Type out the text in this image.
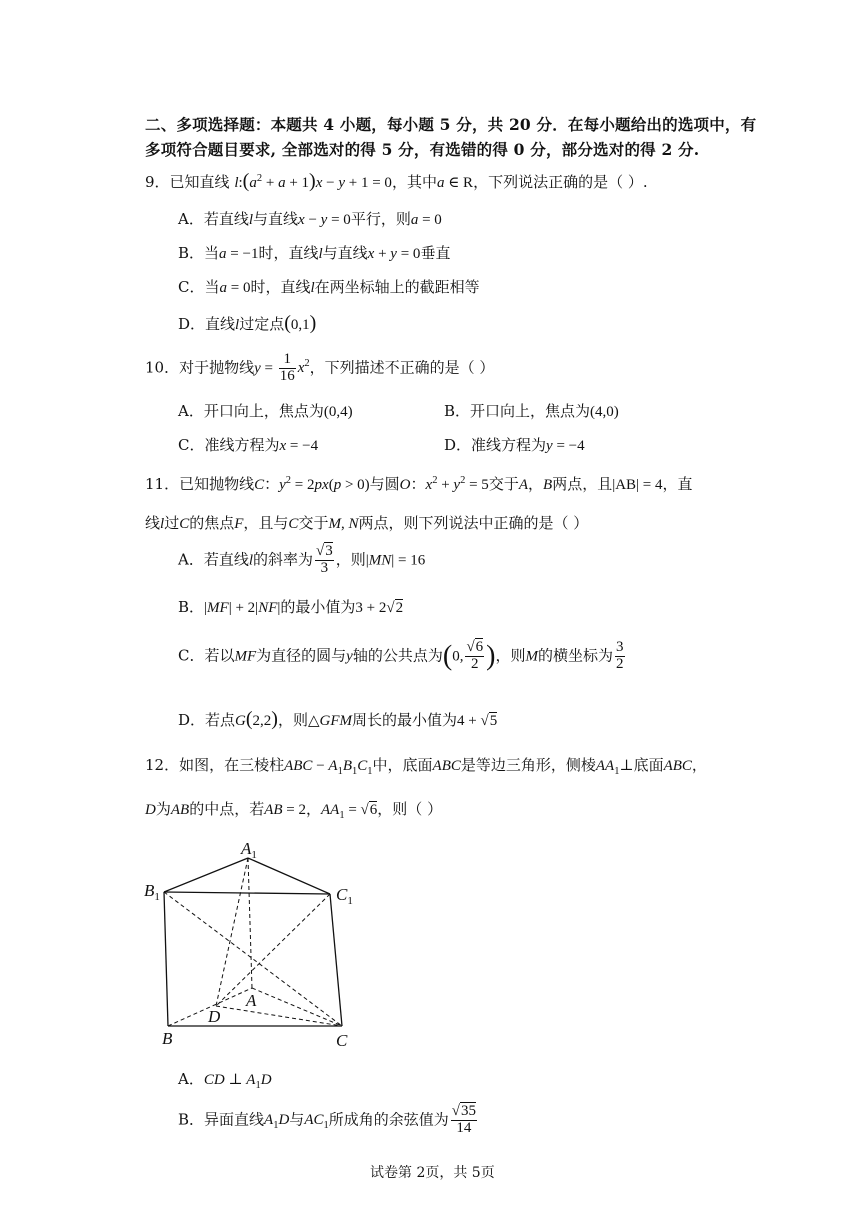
二、多项选择题：本题共 4 小题，每小题 5 分，共 20 分．在每小题给出的选项中，有
多项符合题目要求, 全部选对的得 5 分，有选错的得 0 分，部分选对的得 2 分.
9．已知直线 $l:(a^2 + a + 1)x - y + 1 = 0$，其中a ∈ R，下列说法正确的是（ ）.
A．若直线l与直线x − y = 0平行，则a = 0
B．当a = −1时，直线l与直线x + y = 0垂直
C．当a = 0时，直线l在两坐标轴上的截距相等
D．直线l过定点(0,1)
10．对于抛物线$y = \frac{1}{16} x^2$，下列描述不正确的是（ ）
A．开口向上，焦点为(0,4)	B．开口向上，焦点为(4,0)
C．准线方程为x = −4	D．准线方程为y = −4
11．已知抛物线C：$y^2 = 2px(p > 0)$与圆O：$x^2 + y^2 = 5$交于A，B两点，且|AB| = 4，直
线l过C的焦点F，且与C交于M, N两点，则下列说法中正确的是（ ）
A．若直线l的斜率为 $\frac{√3}{3}$ ，则|MN| = 16
B．|MF| + 2|NF|的最小值为3 + 2√2
C．若以MF为直径的圆与y轴的公共点为(0, $\frac{√6}{2}$ )，则M的横坐标为 $\frac{3}{2}$
D．若点G(2,2)，则△GFM周长的最小值为4 + √5
12．如图，在三棱柱ABC − $A_1B_1C_1$中，底面ABC是等边三角形，侧棱$AA_1\perp$底面ABC，
D为AB的中点，若AB = 2，$AA_1 = √6$，则（ ）
$A_1$
$B_1$	$C_1$
A
D
B	C
A．CD ⊥ $A_1D$
B．异面直线$A_1D$与$AC_1$所成角的余弦值为 $\frac{√35}{14}$
试卷第 2页，共 5页
